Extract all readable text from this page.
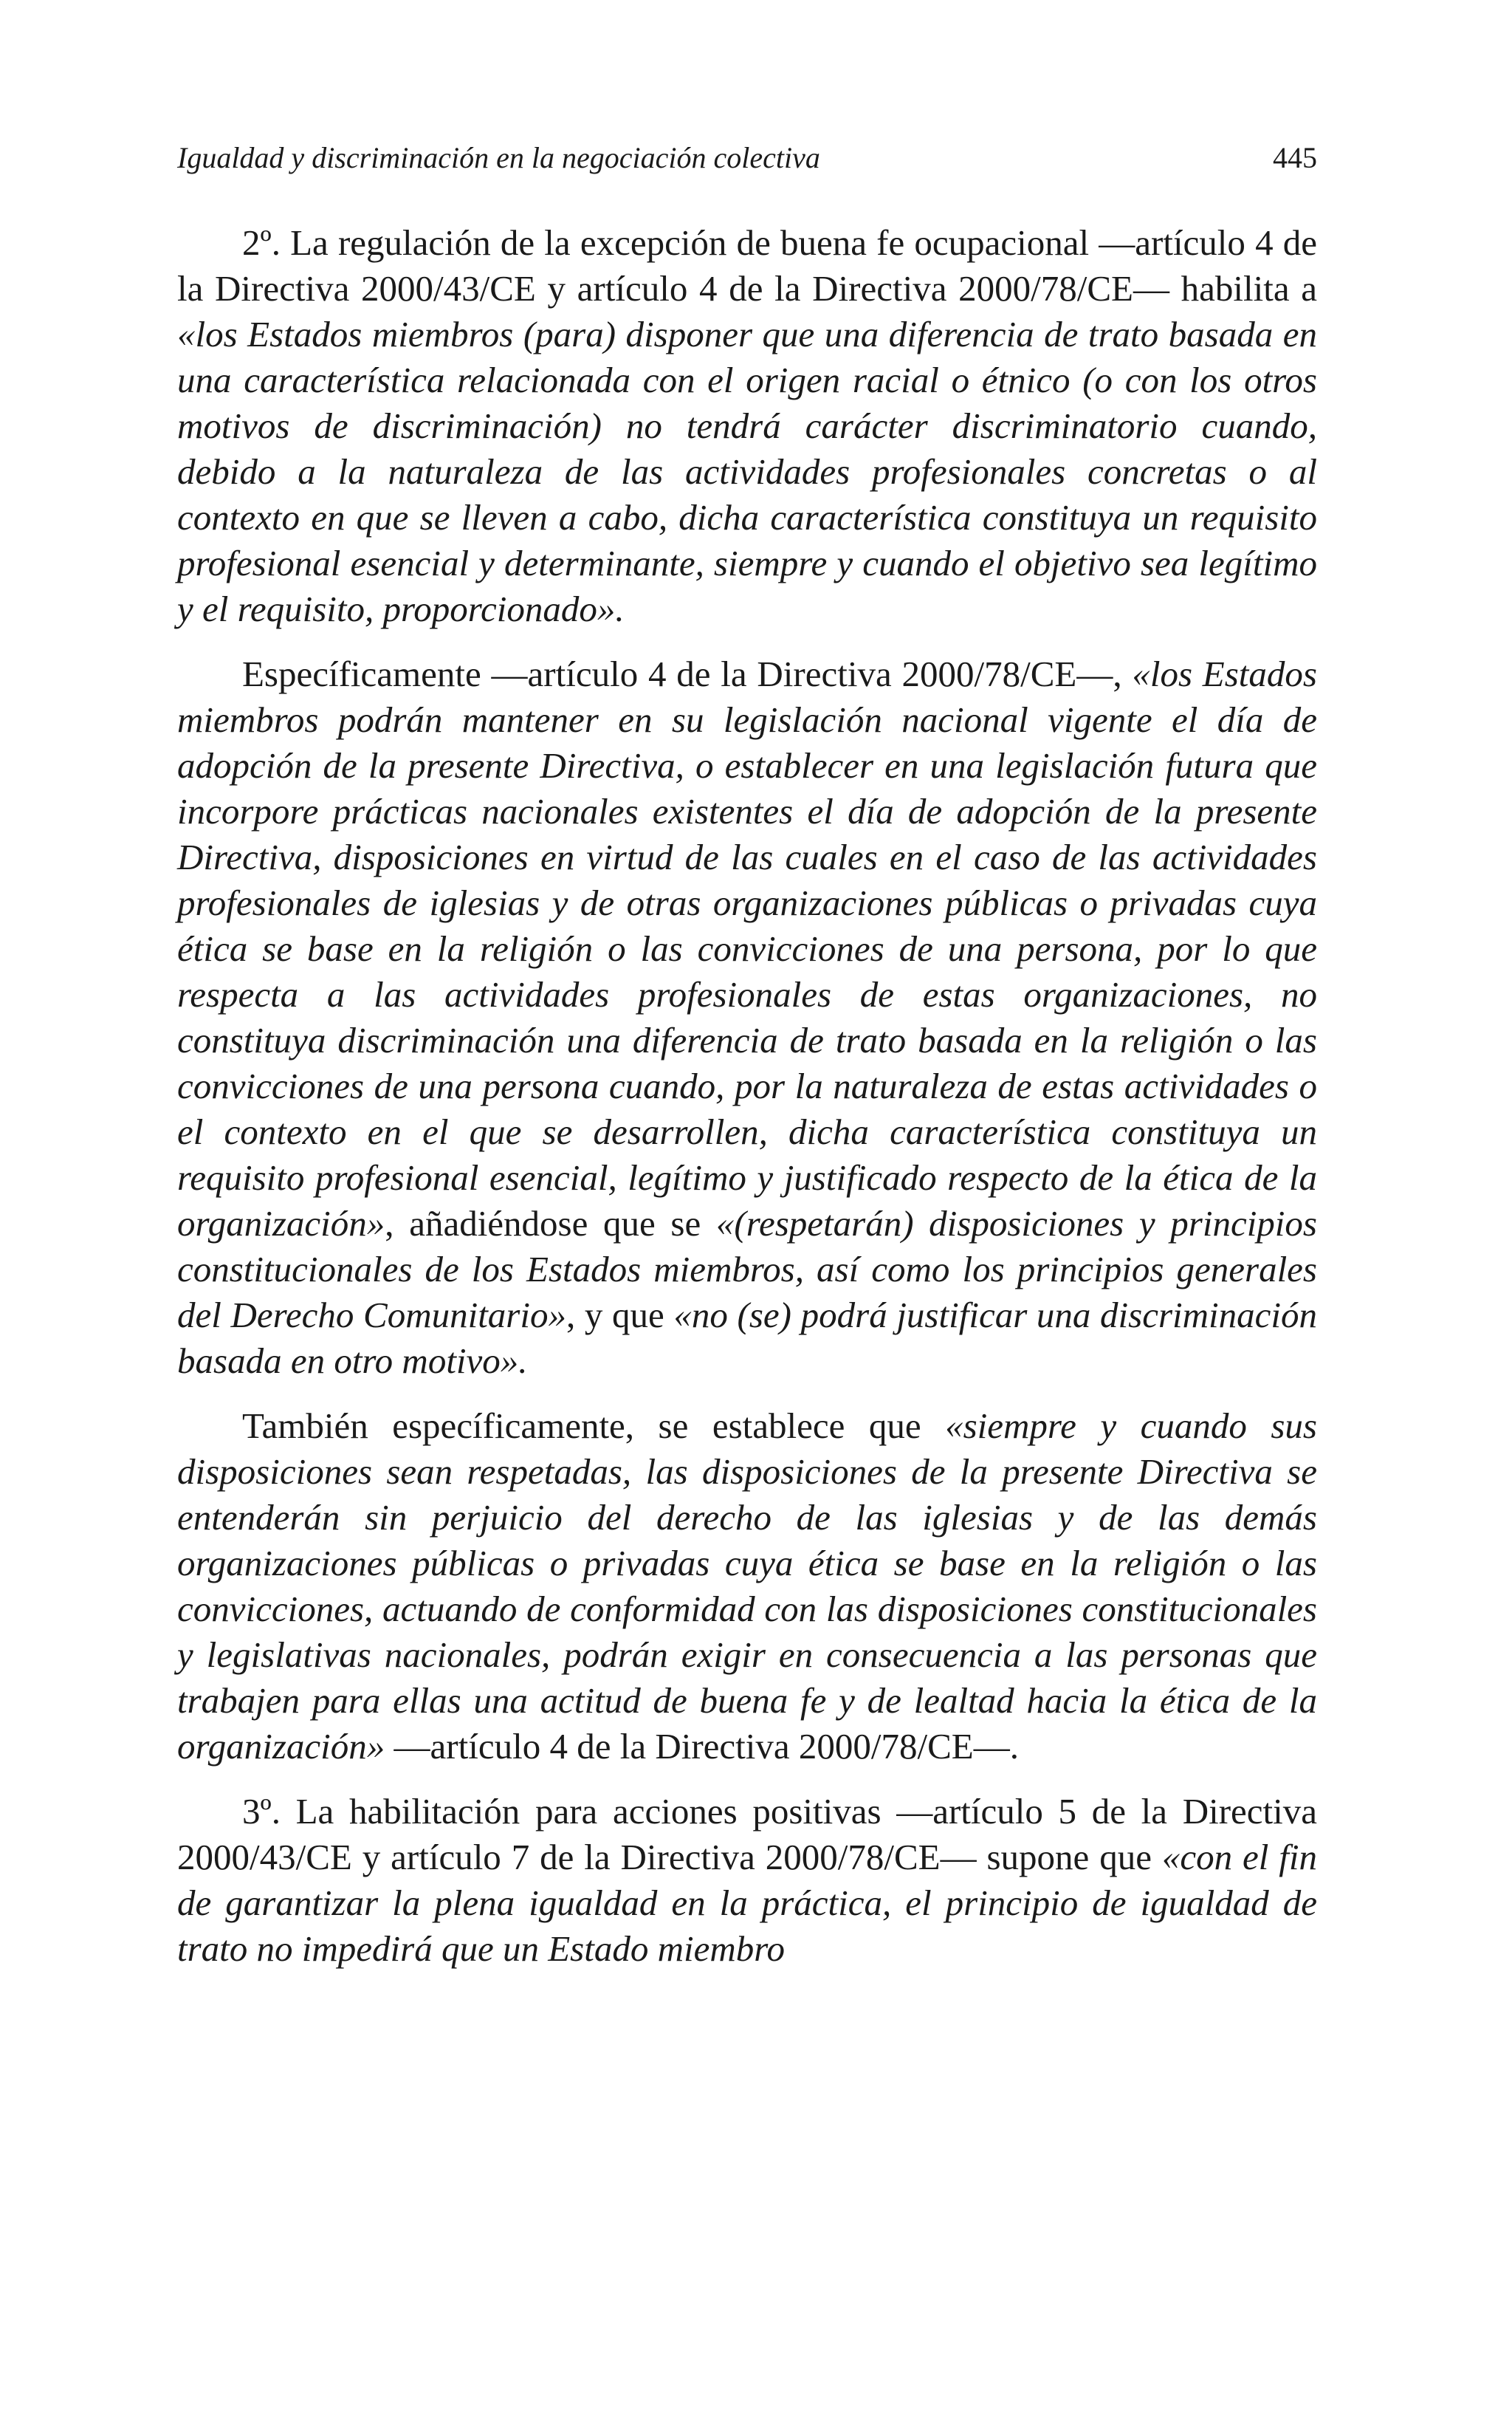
Igualdad y discriminación en la negociación colectiva	445

2º. La regulación de la excepción de buena fe ocupacional —artículo 4 de la Directiva 2000/43/CE y artículo 4 de la Directiva 2000/78/CE— habilita a «los Estados miembros (para) disponer que una diferencia de trato basada en una característica relacionada con el origen racial o étnico (o con los otros motivos de discriminación) no tendrá carácter discriminatorio cuando, debido a la naturaleza de las actividades profesionales concretas o al contexto en que se lleven a cabo, dicha característica constituya un requisito profesional esencial y determinante, siempre y cuando el objetivo sea legítimo y el requisito, proporcionado».

Específicamente —artículo 4 de la Directiva 2000/78/CE—, «los Estados miembros podrán mantener en su legislación nacional vigente el día de adopción de la presente Directiva, o establecer en una legislación futura que incorpore prácticas nacionales existentes el día de adopción de la presente Directiva, disposiciones en virtud de las cuales en el caso de las actividades profesionales de iglesias y de otras organizaciones públicas o privadas cuya ética se base en la religión o las convicciones de una persona, por lo que respecta a las actividades profesionales de estas organizaciones, no constituya discriminación una diferencia de trato basada en la religión o las convicciones de una persona cuando, por la naturaleza de estas actividades o el contexto en el que se desarrollen, dicha característica constituya un requisito profesional esencial, legítimo y justificado respecto de la ética de la organización», añadiéndose que se «(respetarán) disposiciones y principios constitucionales de los Estados miembros, así como los principios generales del Derecho Comunitario», y que «no (se) podrá justificar una discriminación basada en otro motivo».

También específicamente, se establece que «siempre y cuando sus disposiciones sean respetadas, las disposiciones de la presente Directiva se entenderán sin perjuicio del derecho de las iglesias y de las demás organizaciones públicas o privadas cuya ética se base en la religión o las convicciones, actuando de conformidad con las disposiciones constitucionales y legislativas nacionales, podrán exigir en consecuencia a las personas que trabajen para ellas una actitud de buena fe y de lealtad hacia la ética de la organización» —artículo 4 de la Directiva 2000/78/CE—.

3º. La habilitación para acciones positivas —artículo 5 de la Directiva 2000/43/CE y artículo 7 de la Directiva 2000/78/CE— supone que «con el fin de garantizar la plena igualdad en la práctica, el principio de igualdad de trato no impedirá que un Estado miembro
